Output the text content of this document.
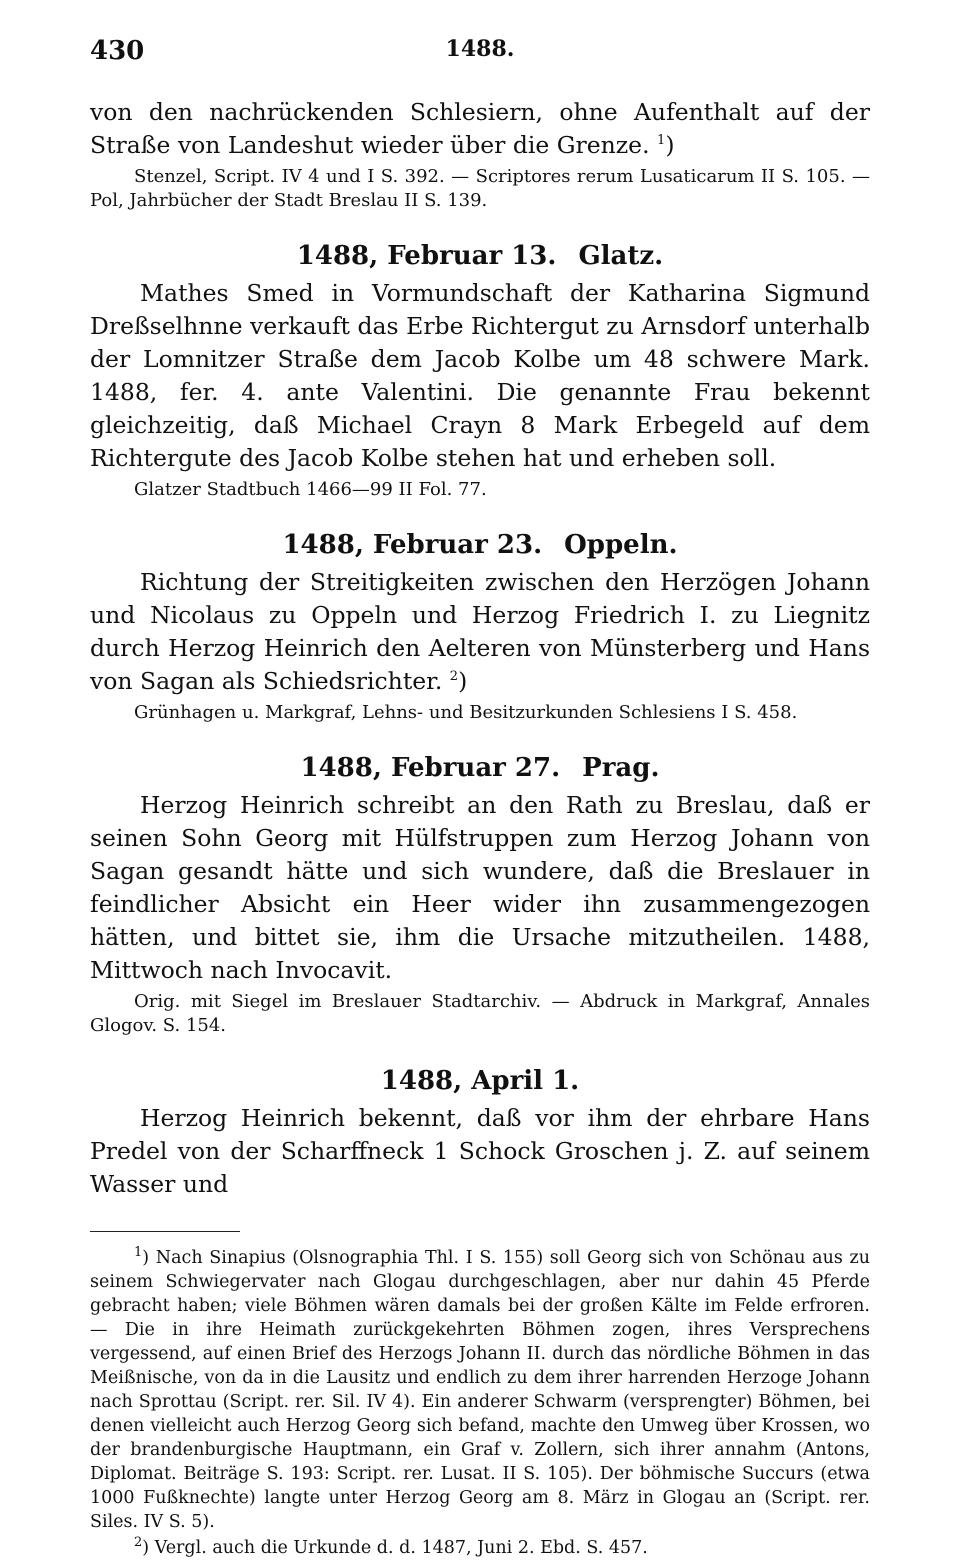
430	1488.

von den nachrückenden Schlesiern, ohne Aufenthalt auf der Straße von Landeshut wieder über die Grenze. $^1$)

Stenzel, Script. IV 4 und I S. 392. — Scriptores rerum Lusaticarum II S. 105. — Pol, Jahrbücher der Stadt Breslau II S. 139.

1488, Februar 13. Glatz.

Mathes Smed in Vormundschaft der Katharina Sigmund Dreßselhnne verkauft das Erbe Richtergut zu Arnsdorf unterhalb der Lomnitzer Straße dem Jacob Kolbe um 48 schwere Mark. 1488, fer. 4. ante Valentini. Die genannte Frau bekennt gleichzeitig, daß Michael Crayn 8 Mark Erbegeld auf dem Richtergute des Jacob Kolbe stehen hat und erheben soll.

Glatzer Stadtbuch 1466—99 II Fol. 77.

1488, Februar 23. Oppeln.

Richtung der Streitigkeiten zwischen den Herzögen Johann und Nicolaus zu Oppeln und Herzog Friedrich I. zu Liegnitz durch Herzog Heinrich den Aelteren von Münsterberg und Hans von Sagan als Schiedsrichter. $^2$)

Grünhagen u. Markgraf, Lehns- und Besitzurkunden Schlesiens I S. 458.

1488, Februar 27. Prag.

Herzog Heinrich schreibt an den Rath zu Breslau, daß er seinen Sohn Georg mit Hülfstruppen zum Herzog Johann von Sagan gesandt hätte und sich wundere, daß die Breslauer in feindlicher Absicht ein Heer wider ihn zusammengezogen hätten, und bittet sie, ihm die Ursache mitzutheilen. 1488, Mittwoch nach Invocavit.

Orig. mit Siegel im Breslauer Stadtarchiv. — Abdruck in Markgraf, Annales Glogov. S. 154.

1488, April 1.

Herzog Heinrich bekennt, daß vor ihm der ehrbare Hans Predel von der Scharffneck 1 Schock Groschen j. Z. auf seinem Wasser und

$^1$) Nach Sinapius (Olsnographia Thl. I S. 155) soll Georg sich von Schönau aus zu seinem Schwiegervater nach Glogau durchgeschlagen, aber nur dahin 45 Pferde gebracht haben; viele Böhmen wären damals bei der großen Kälte im Felde erfroren. — Die in ihre Heimath zurückgekehrten Böhmen zogen, ihres Versprechens vergessend, auf einen Brief des Herzogs Johann II. durch das nördliche Böhmen in das Meißnische, von da in die Lausitz und endlich zu dem ihrer harrenden Herzoge Johann nach Sprottau (Script. rer. Sil. IV 4). Ein anderer Schwarm (versprengter) Böhmen, bei denen vielleicht auch Herzog Georg sich befand, machte den Umweg über Krossen, wo der brandenburgische Hauptmann, ein Graf v. Zollern, sich ihrer annahm (Antons, Diplomat. Beiträge S. 193: Script. rer. Lusat. II S. 105). Der böhmische Succurs (etwa 1000 Fußknechte) langte unter Herzog Georg am 8. März in Glogau an (Script. rer. Siles. IV S. 5).

$^2$) Vergl. auch die Urkunde d. d. 1487, Juni 2. Ebd. S. 457.
